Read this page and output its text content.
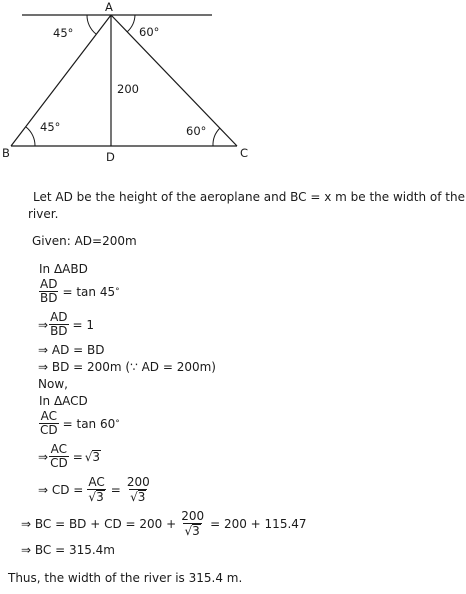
A
B	C
D
45°	60°
45°	60°
200
Let AD be the height of the aeroplane and BC = x m be the width of the
river.
Given: AD=200m
In ΔABD
$\frac{AD}{BD} = \tan 45$ °
⇒ $\frac{AD}{BD} = 1$
⇒ AD = BD
⇒ BD = 200m (∵ AD = 200m)
Now,
In ΔACD
$\frac{AC}{CD} = \tan 60$ °
⇒ $\frac{AC}{CD}$ = √ 3
⇒ CD = $\frac{AC}{√3} = \frac{200}{√3}$
⇒ BC = BD + CD = $200 + \frac{200}{√3} = 200 + 115.47$
⇒ BC = 315.4m
Thus, the width of the river is 315.4 m.
